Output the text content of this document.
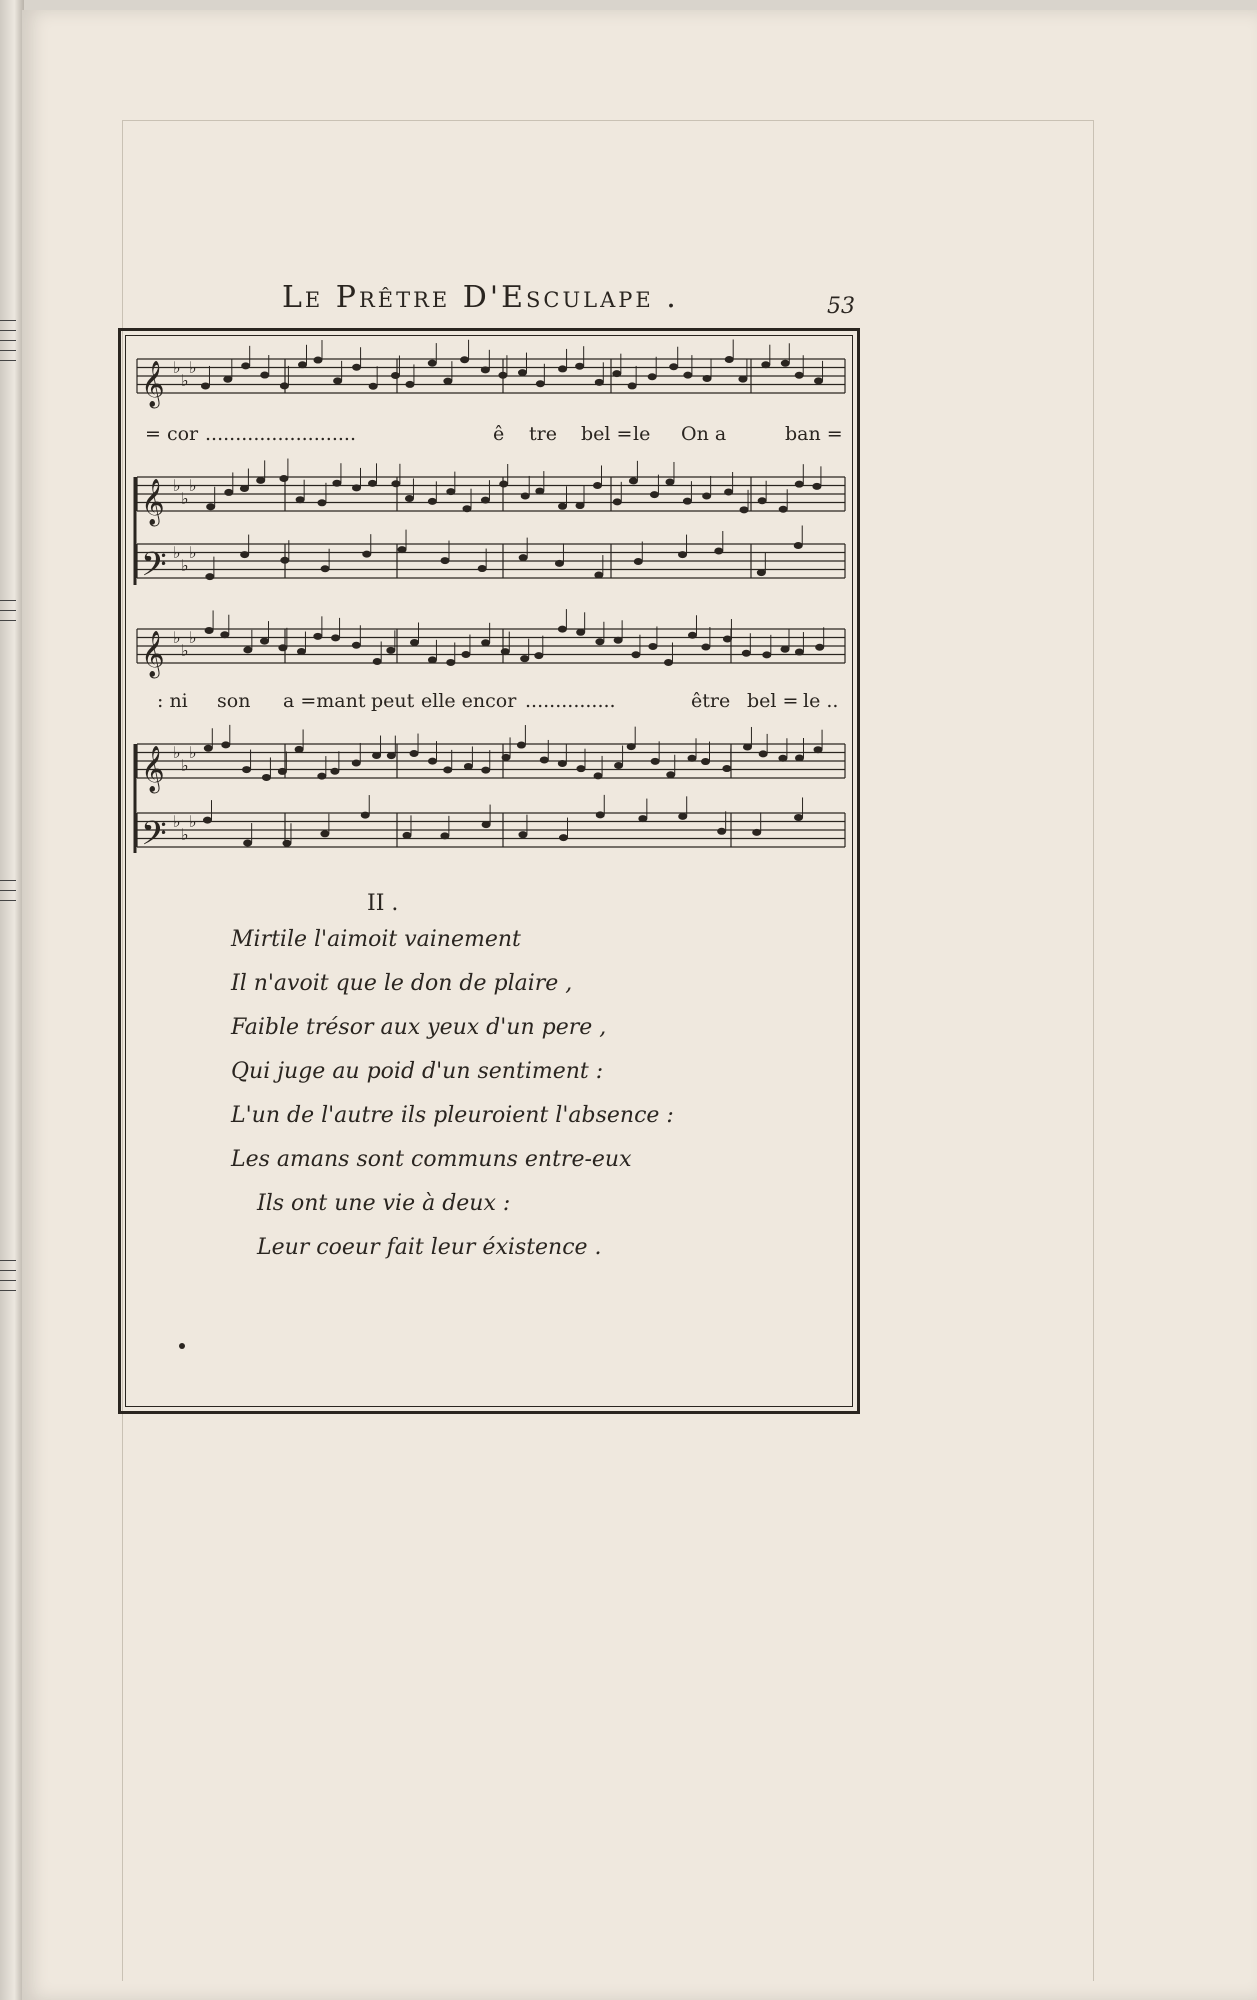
Le Prêtre D'Esculape .	53
𝄞 ♭
♭
♭
𝄞 ♭
♭
♭
𝄢 ♭
♭
♭
𝄞 ♭
♭
♭
𝄞 ♭
♭
♭
𝄢 ♭
♭
♭
= cor .........................	ê tre bel = le On a	ban =
: ni son a =mant peut elle encor ...............	être bel = le ..
II .
Mirtile l'aimoit vainement
Il n'avoit que le don de plaire ,
Faible trésor aux yeux d'un pere ,
Qui juge au poid d'un sentiment :
L'un de l'autre ils pleuroient l'absence :
Les amans sont communs entre-eux
Ils ont une vie à deux :
Leur coeur fait leur éxistence .
